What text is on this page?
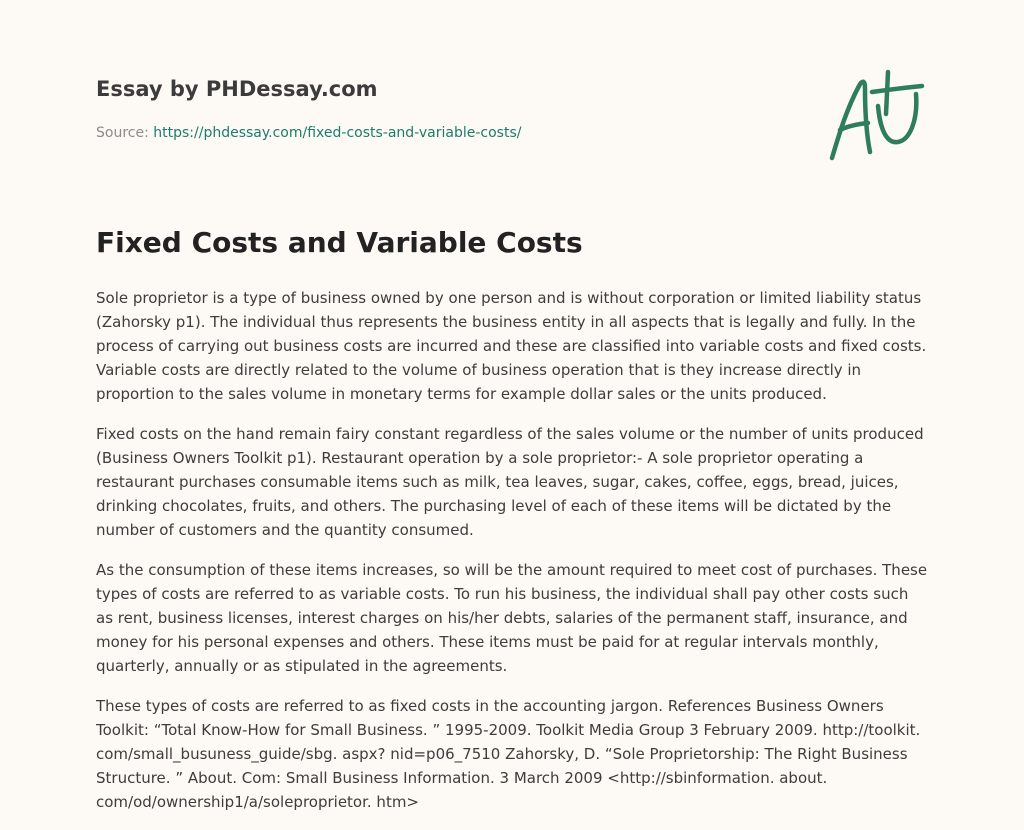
Essay by PHDessay.com
Source: https://phdessay.com/fixed-costs-and-variable-costs/
Fixed Costs and Variable Costs

Sole proprietor is a type of business owned by one person and is without corporation or limited liability status (Zahorsky p1). The individual thus represents the business entity in all aspects that is legally and fully. In the process of carrying out business costs are incurred and these are classified into variable costs and fixed costs. Variable costs are directly related to the volume of business operation that is they increase directly in proportion to the sales volume in monetary terms for example dollar sales or the units produced.

Fixed costs on the hand remain fairy constant regardless of the sales volume or the number of units produced (Business Owners Toolkit p1). Restaurant operation by a sole proprietor:- A sole proprietor operating a restaurant purchases consumable items such as milk, tea leaves, sugar, cakes, coffee, eggs, bread, juices, drinking chocolates, fruits, and others. The purchasing level of each of these items will be dictated by the number of customers and the quantity consumed.

As the consumption of these items increases, so will be the amount required to meet cost of purchases. These types of costs are referred to as variable costs. To run his business, the individual shall pay other costs such as rent, business licenses, interest charges on his/her debts, salaries of the permanent staff, insurance, and money for his personal expenses and others. These items must be paid for at regular intervals monthly, quarterly, annually or as stipulated in the agreements.

These types of costs are referred to as fixed costs in the accounting jargon. References Business Owners Toolkit: “Total Know-How for Small Business. ” 1995-2009. Toolkit Media Group 3 February 2009. http://toolkit. com/small_busuness_guide/sbg. aspx? nid=p06_7510 Zahorsky, D. “Sole Proprietorship: The Right Business Structure. ” About. Com: Small Business Information. 3 March 2009 <http://sbinformation. about. com/od/ownership1/a/soleproprietor. htm>
